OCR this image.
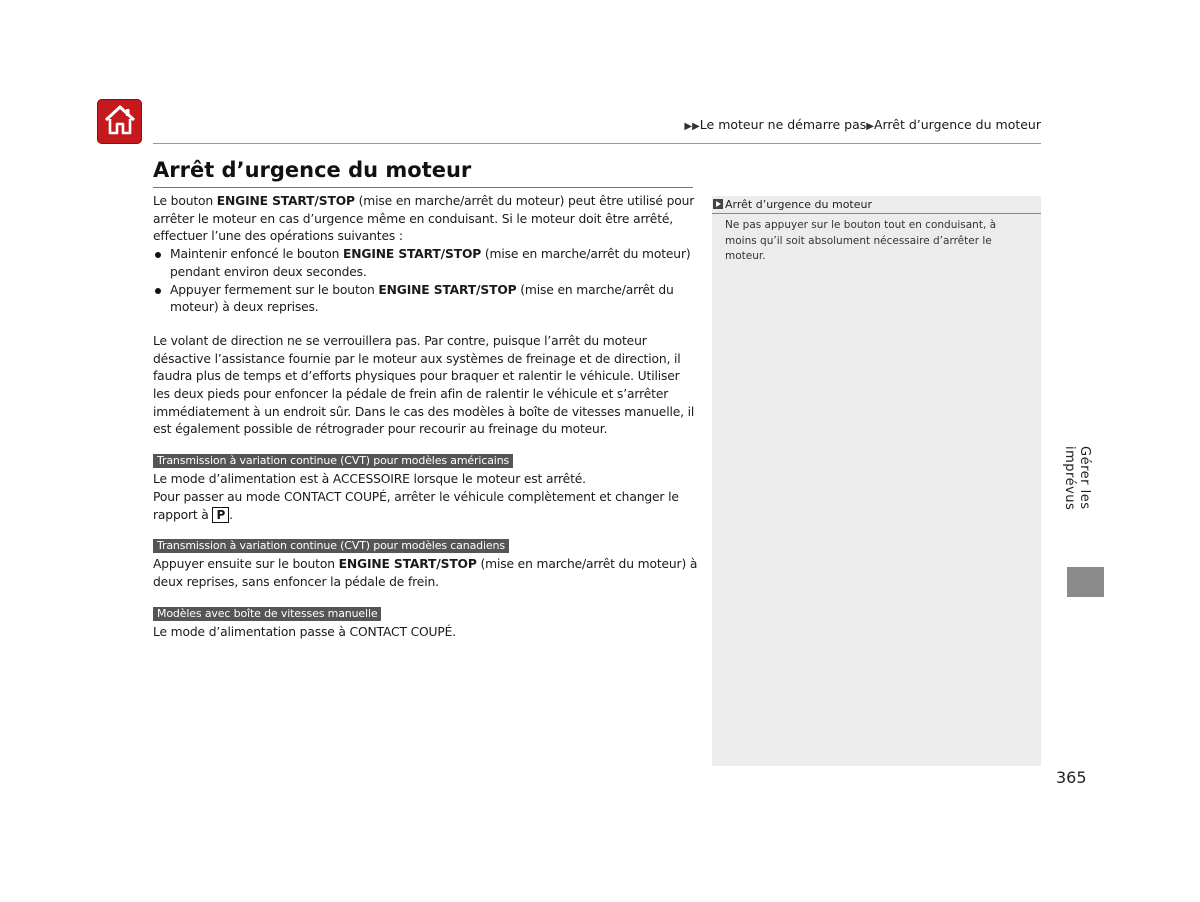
▶▶Le moteur ne démarre pas▶Arrêt d’urgence du moteur
Arrêt d’urgence du moteur

Le bouton ENGINE START/STOP (mise en marche/arrêt du moteur) peut être utilisé pour arrêter le moteur en cas d’urgence même en conduisant. Si le moteur doit être arrêté, effectuer l’une des opérations suivantes :

Maintenir enfoncé le bouton ENGINE START/STOP (mise en marche/arrêt du moteur) pendant environ deux secondes.
Appuyer fermement sur le bouton ENGINE START/STOP (mise en marche/arrêt du moteur) à deux reprises.

Le volant de direction ne se verrouillera pas. Par contre, puisque l’arrêt du moteur désactive l’assistance fournie par le moteur aux systèmes de freinage et de direction, il faudra plus de temps et d’efforts physiques pour braquer et ralentir le véhicule. Utiliser les deux pieds pour enfoncer la pédale de frein afin de ralentir le véhicule et s’arrêter immédiatement à un endroit sûr. Dans le cas des modèles à boîte de vitesses manuelle, il est également possible de rétrograder pour recourir au freinage du moteur.

Transmission à variation continue (CVT) pour modèles américains

Le mode d’alimentation est à ACCESSOIRE lorsque le moteur est arrêté.

Pour passer au mode CONTACT COUPÉ, arrêter le véhicule complètement et changer le rapport à P .

Transmission à variation continue (CVT) pour modèles canadiens

Appuyer ensuite sur le bouton ENGINE START/STOP (mise en marche/arrêt du moteur) à deux reprises, sans enfoncer la pédale de frein.

Modèles avec boîte de vitesses manuelle

Le mode d’alimentation passe à CONTACT COUPÉ.

Arrêt d’urgence du moteur

Ne pas appuyer sur le bouton tout en conduisant, à moins qu’il soit absolument nécessaire d’arrêter le moteur.

Gérer les imprévus
365
